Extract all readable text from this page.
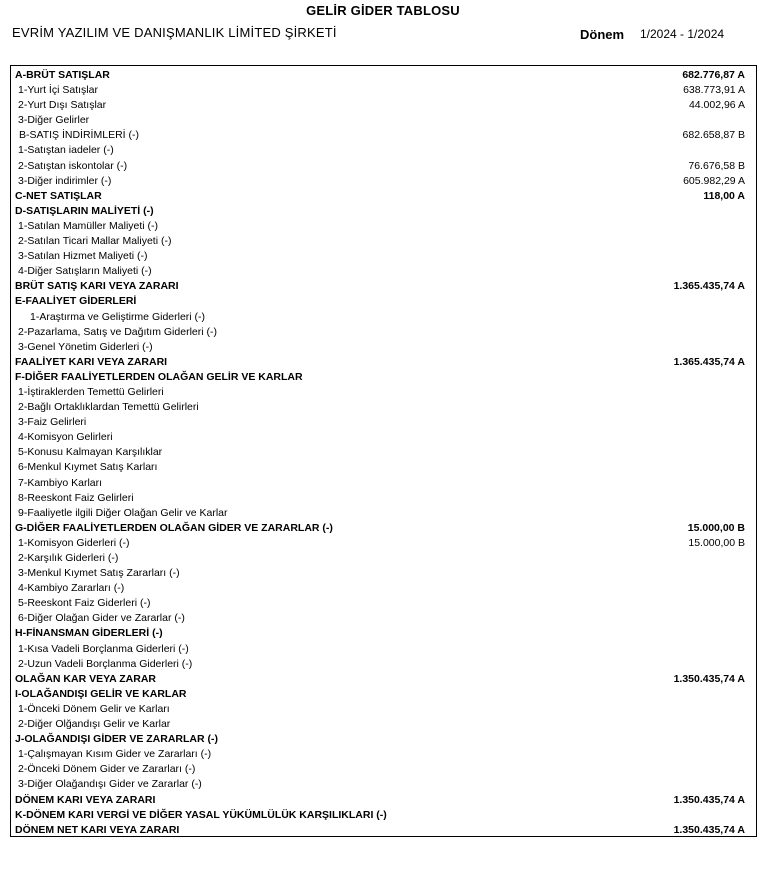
GELİR GİDER TABLOSU
EVRİM YAZILIM VE DANIŞMANLIK LİMİTED ŞİRKETİ	Dönem 1/2024 - 1/2024
A-BRÜT SATIŞLAR	682.776,87 A
1-Yurt İçi Satışlar	638.773,91 A
2-Yurt Dışı Satışlar	44.002,96 A
3-Diğer Gelirler
B-SATIŞ İNDİRİMLERİ (-)	682.658,87 B
1-Satıştan iadeler (-)
2-Satıştan iskontolar (-)	76.676,58 B
3-Diğer indirimler (-)	605.982,29 A
C-NET SATIŞLAR	118,00 A
D-SATIŞLARIN MALİYETİ (-)
1-Satılan Mamüller Maliyeti (-)
2-Satılan Ticari Mallar Maliyeti (-)
3-Satılan Hizmet Maliyeti (-)
4-Diğer Satışların Maliyeti (-)
BRÜT SATIŞ KARI VEYA ZARARI	1.365.435,74 A
E-FAALİYET GİDERLERİ
1-Araştırma ve Geliştirme Giderleri (-)
2-Pazarlama, Satış ve Dağıtım Giderleri (-)
3-Genel Yönetim Giderleri (-)
FAALİYET KARI VEYA ZARARI	1.365.435,74 A
F-DİĞER FAALİYETLERDEN OLAĞAN GELİR VE KARLAR
1-İştiraklerden Temettü Gelirleri
2-Bağlı Ortaklıklardan Temettü Gelirleri
3-Faiz Gelirleri
4-Komisyon Gelirleri
5-Konusu Kalmayan Karşılıklar
6-Menkul Kıymet Satış Karları
7-Kambiyo Karları
8-Reeskont Faiz Gelirleri
9-Faaliyetle ilgili Diğer Olağan Gelir ve Karlar
G-DİĞER FAALİYETLERDEN OLAĞAN GİDER VE ZARARLAR (-)	15.000,00 B
1-Komisyon Giderleri (-)	15.000,00 B
2-Karşılık Giderleri (-)
3-Menkul Kıymet Satış Zararları (-)
4-Kambiyo Zararları (-)
5-Reeskont Faiz Giderleri (-)
6-Diğer Olağan Gider ve Zararlar (-)
H-FİNANSMAN GİDERLERİ (-)
1-Kısa Vadeli Borçlanma Giderleri (-)
2-Uzun Vadeli Borçlanma Giderleri (-)
OLAĞAN KAR VEYA ZARAR	1.350.435,74 A
I-OLAĞANDIŞI GELİR VE KARLAR
1-Önceki Dönem Gelir ve Karları
2-Diğer Olğandışı Gelir ve Karlar
J-OLAĞANDIŞI GİDER VE ZARARLAR (-)
1-Çalışmayan Kısım Gider ve Zararları (-)
2-Önceki Dönem Gider ve Zararları (-)
3-Diğer Olağandışı Gider ve Zararlar (-)
DÖNEM KARI VEYA ZARARI	1.350.435,74 A
K-DÖNEM KARI VERGİ VE DİĞER YASAL YÜKÜMLÜLÜK KARŞILIKLARI (-)
DÖNEM NET KARI VEYA ZARARI	1.350.435,74 A
